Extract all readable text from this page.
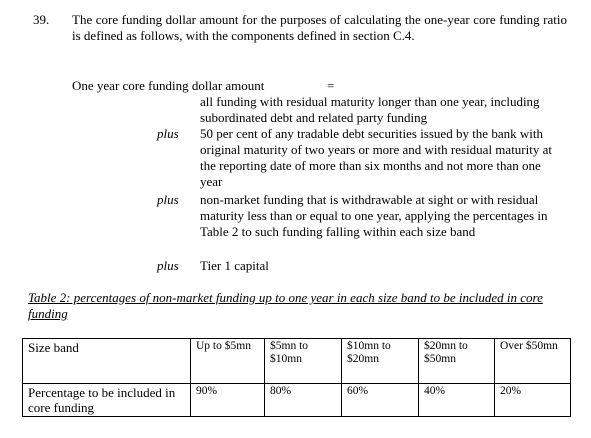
39. The core funding dollar amount for the purposes of calculating the one-year core funding ratio is defined as follows, with the components defined in section C.4.
One year core funding dollar amount	=
all funding with residual maturity longer than one year, including subordinated debt and related party funding
plus 50 per cent of any tradable debt securities issued by the bank with original maturity of two years or more and with residual maturity at the reporting date of more than six months and not more than one year
plus non-market funding that is withdrawable at sight or with residual maturity less than or equal to one year, applying the percentages in Table 2 to such funding falling within each size band
plus Tier 1 capital
Table 2: percentages of non-market funding up to one year in each size band to be included in core funding
Size band	Up to $5mn	$5mn to $10mn	$10mn to $20mn	$20mn to $50mn	Over $50mn
Percentage to be included in core funding	90%	80%	60%	40%	20%
